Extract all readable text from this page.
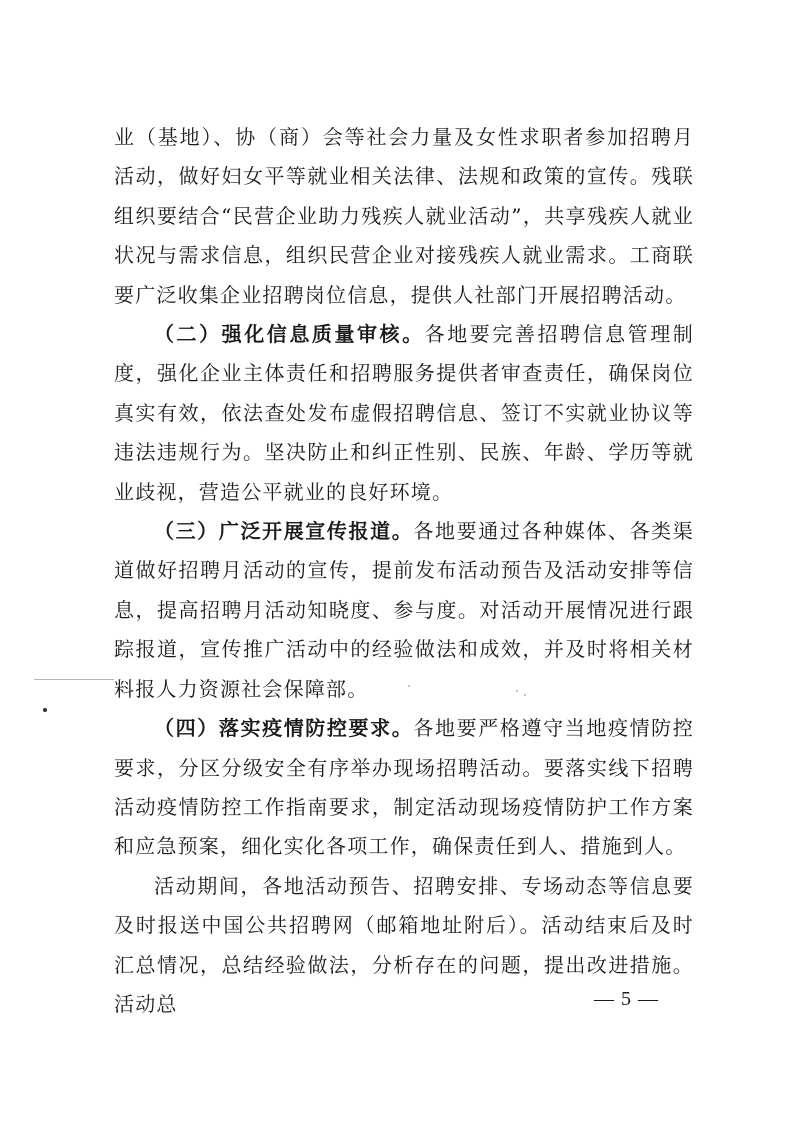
业（基地）、协（商）会等社会力量及女性求职者参加招聘月活动，做好妇女平等就业相关法律、法规和政策的宣传。残联组织要结合“民营企业助力残疾人就业活动”，共享残疾人就业状况与需求信息，组织民营企业对接残疾人就业需求。工商联要广泛收集企业招聘岗位信息，提供人社部门开展招聘活动。

（二）强化信息质量审核。各地要完善招聘信息管理制度，强化企业主体责任和招聘服务提供者审查责任，确保岗位真实有效，依法查处发布虚假招聘信息、签订不实就业协议等违法违规行为。坚决防止和纠正性别、民族、年龄、学历等就业歧视，营造公平就业的良好环境。

（三）广泛开展宣传报道。各地要通过各种媒体、各类渠道做好招聘月活动的宣传，提前发布活动预告及活动安排等信息，提高招聘月活动知晓度、参与度。对活动开展情况进行跟踪报道，宣传推广活动中的经验做法和成效，并及时将相关材料报人力资源社会保障部。

（四）落实疫情防控要求。各地要严格遵守当地疫情防控要求，分区分级安全有序举办现场招聘活动。要落实线下招聘活动疫情防控工作指南要求，制定活动现场疫情防护工作方案和应急预案，细化实化各项工作，确保责任到人、措施到人。

活动期间，各地活动预告、招聘安排、专场动态等信息要及时报送中国公共招聘网（邮箱地址附后）。活动结束后及时汇总情况，总结经验做法，分析存在的问题，提出改进措施。活动总	— 5 —
